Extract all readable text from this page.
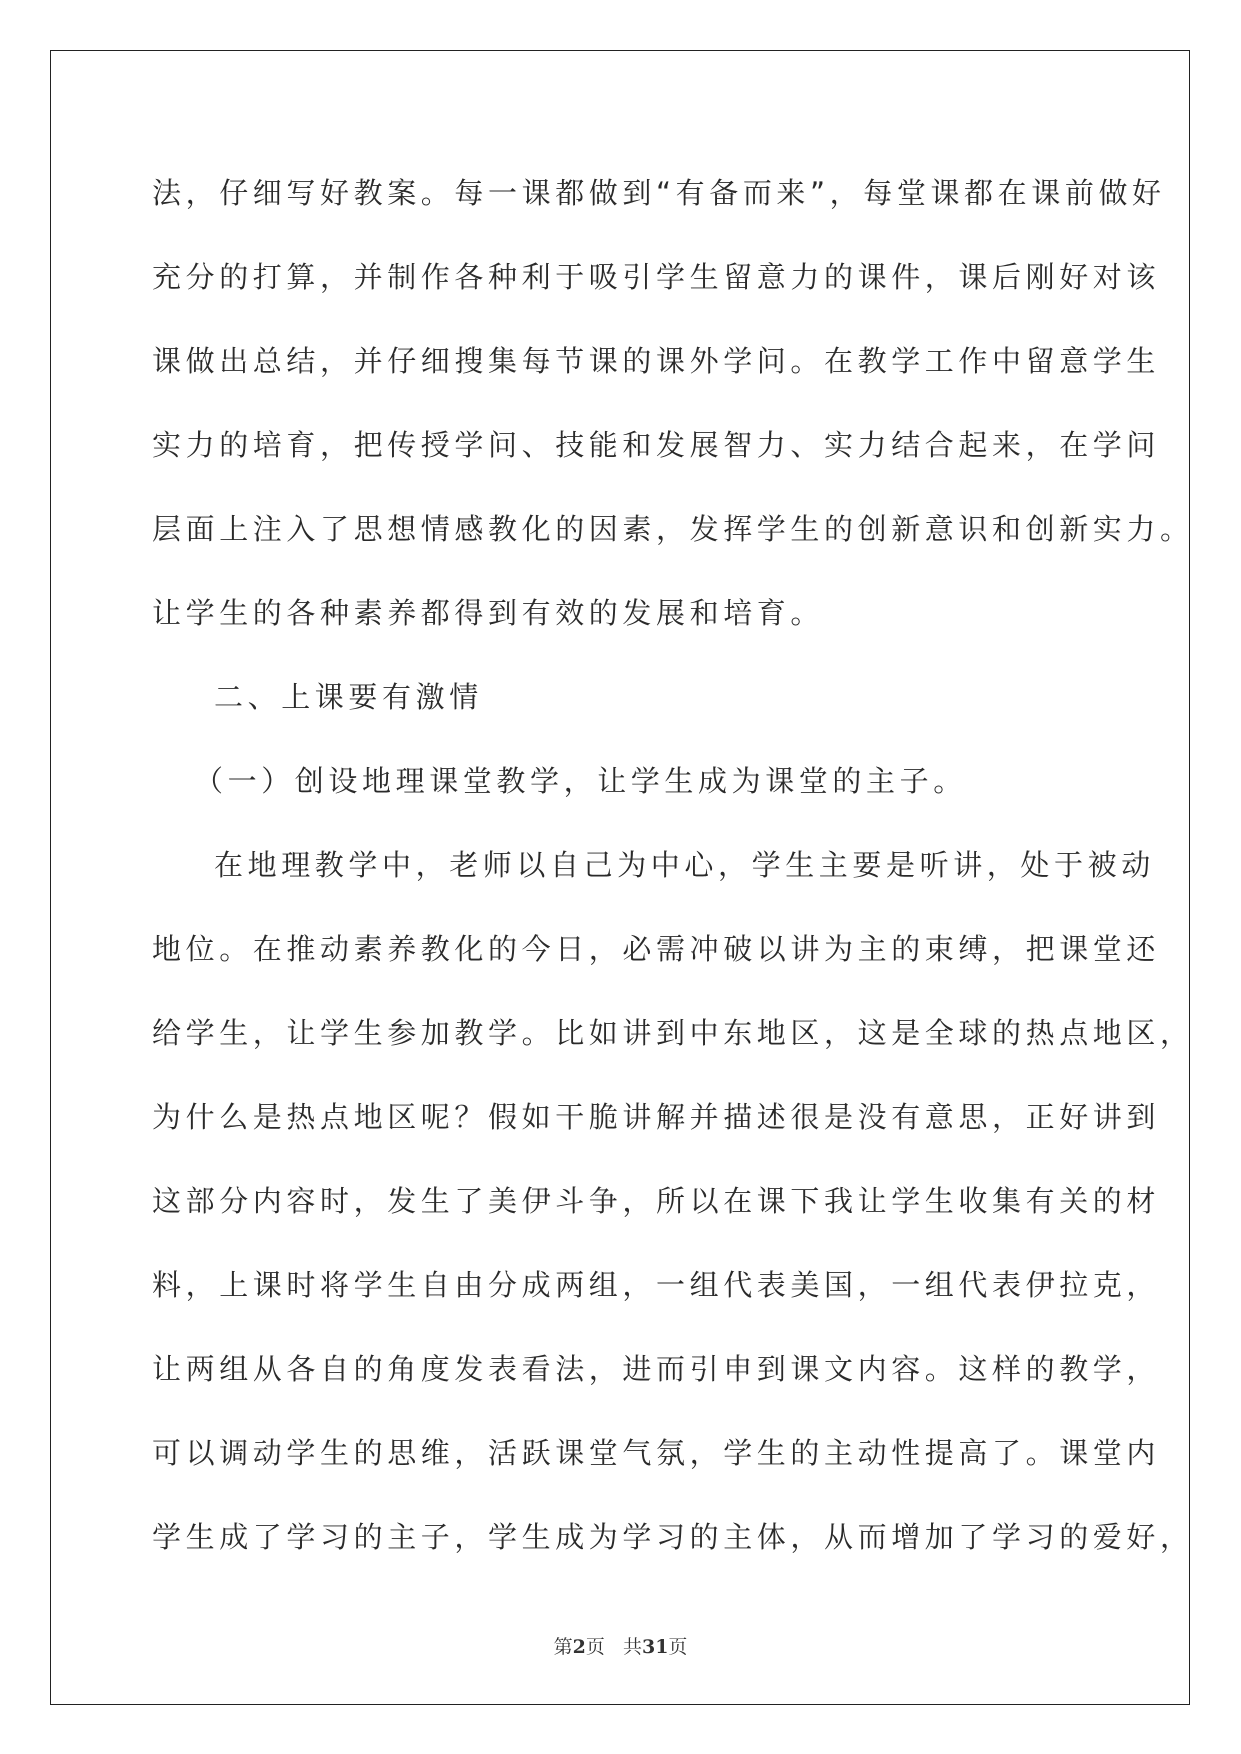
法，仔细写好教案。每一课都做到“有备而来”，每堂课都在课前做好

充分的打算，并制作各种利于吸引学生留意力的课件，课后刚好对该

课做出总结，并仔细搜集每节课的课外学问。在教学工作中留意学生

实力的培育，把传授学问、技能和发展智力、实力结合起来，在学问

层面上注入了思想情感教化的因素，发挥学生的创新意识和创新实力。

让学生的各种素养都得到有效的发展和培育。

二、上课要有激情

（一）创设地理课堂教学，让学生成为课堂的主子。

在地理教学中，老师以自己为中心，学生主要是听讲，处于被动

地位。在推动素养教化的今日，必需冲破以讲为主的束缚，把课堂还

给学生，让学生参加教学。比如讲到中东地区，这是全球的热点地区，

为什么是热点地区呢？假如干脆讲解并描述很是没有意思，正好讲到

这部分内容时，发生了美伊斗争，所以在课下我让学生收集有关的材

料，上课时将学生自由分成两组，一组代表美国，一组代表伊拉克，

让两组从各自的角度发表看法，进而引申到课文内容。这样的教学，

可以调动学生的思维，活跃课堂气氛，学生的主动性提高了。课堂内

学生成了学习的主子，学生成为学习的主体，从而增加了学习的爱好，

第2页 共31页
